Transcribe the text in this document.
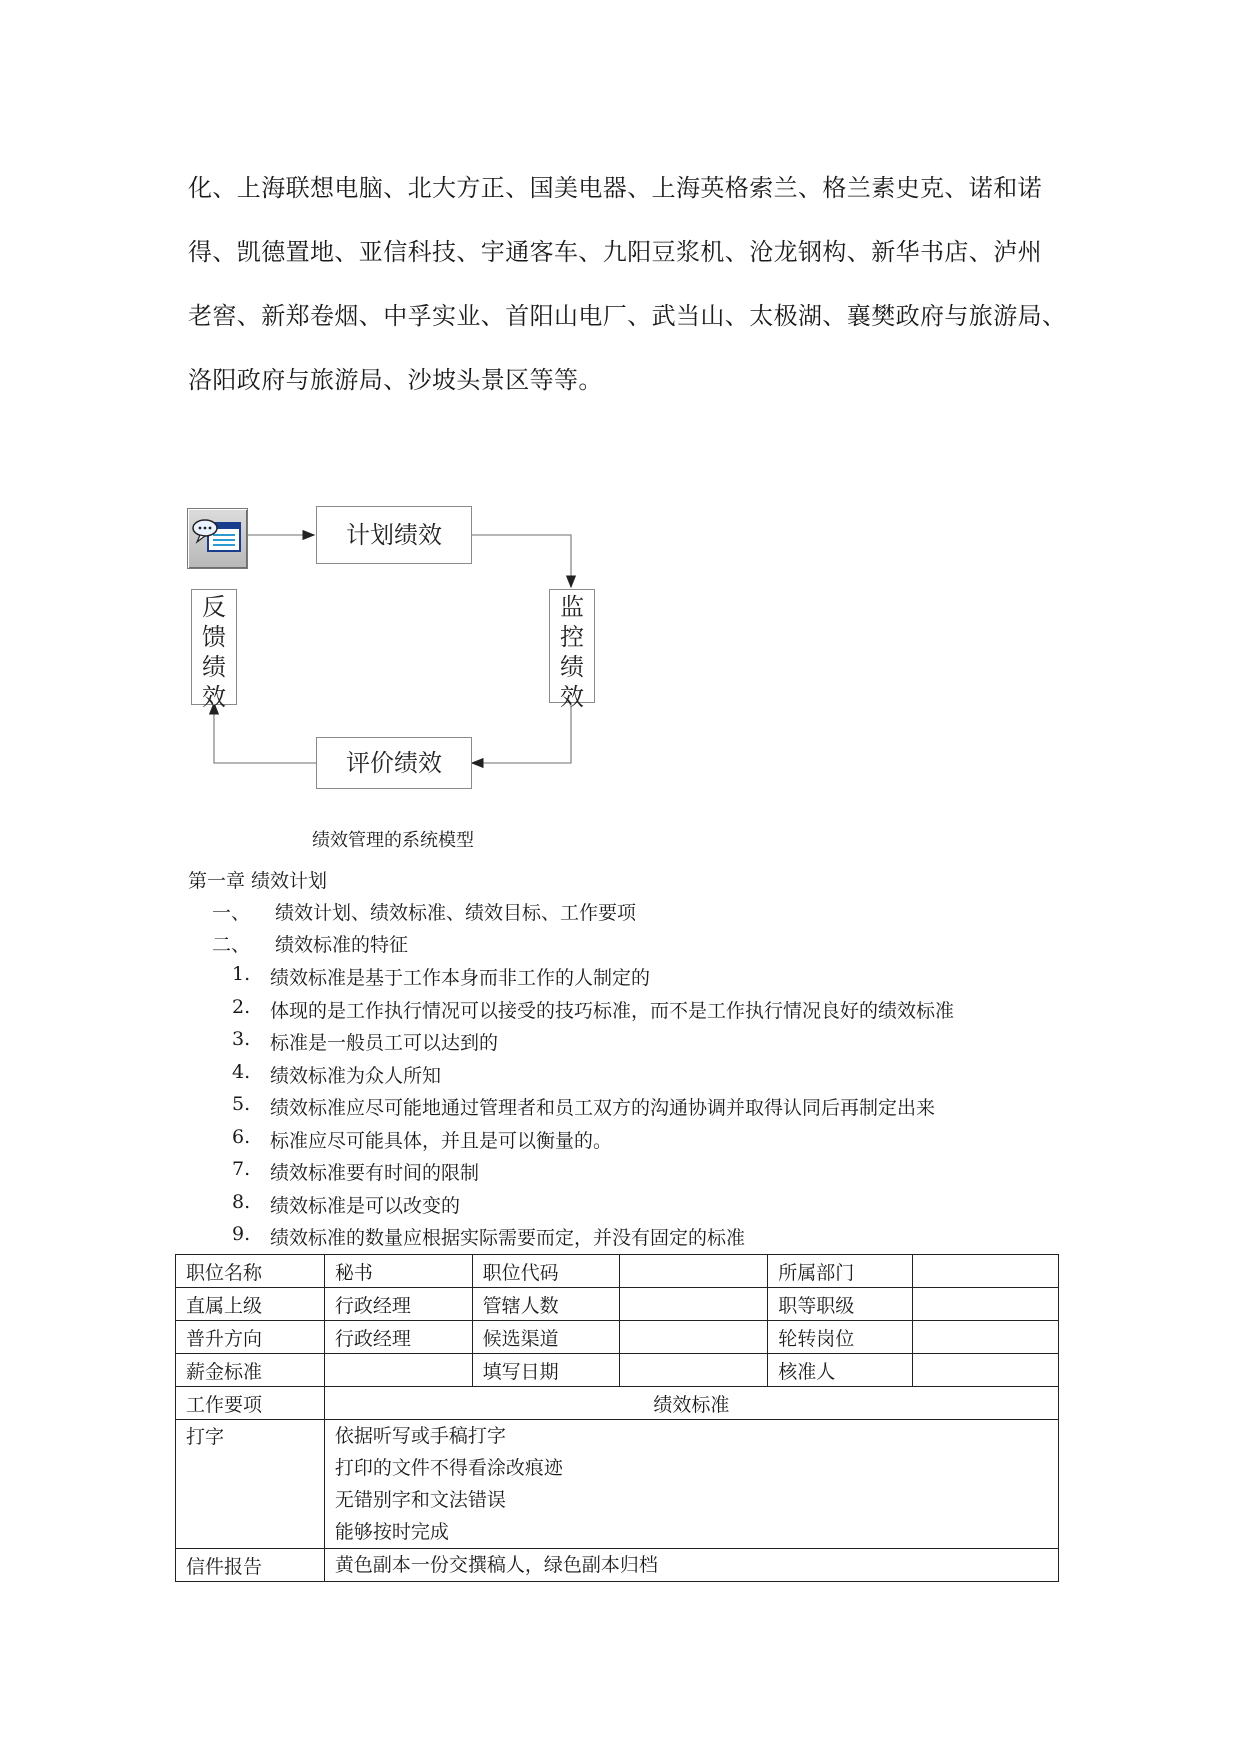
化、上海联想电脑、北大方正、国美电器、上海英格索兰、格兰素史克、诺和诺
得、凯德置地、亚信科技、宇通客车、九阳豆浆机、沧龙钢构、新华书店、泸州
老窖、新郑卷烟、中孚实业、首阳山电厂、武当山、太极湖、襄樊政府与旅游局、
洛阳政府与旅游局、沙坡头景区等等。
计划绩效
监
控
绩
效
评价绩效
反
馈
绩
效
绩效管理的系统模型
第一章 绩效计划
一、 绩效计划、绩效标准、绩效目标、工作要项
二、 绩效标准的特征
1. 绩效标准是基于工作本身而非工作的人制定的
2. 体现的是工作执行情况可以接受的技巧标准，而不是工作执行情况良好的绩效标准
3. 标准是一般员工可以达到的
4. 绩效标准为众人所知
5. 绩效标准应尽可能地通过管理者和员工双方的沟通协调并取得认同后再制定出来
6. 标准应尽可能具体，并且是可以衡量的。
7. 绩效标准要有时间的限制
8. 绩效标准是可以改变的
9. 绩效标准的数量应根据实际需要而定，并没有固定的标准
职位名称	秘书	职位代码		所属部门	
直属上级	行政经理	管辖人数		职等职级	
普升方向	行政经理	候选渠道		轮转岗位	
薪金标准		填写日期		核准人	
工作要项	绩效标准				
打字	依据听写或手稿打字
打印的文件不得看涂改痕迹
无错别字和文法错误
能够按时完成				

信件报告	黄色副本一份交撰稿人，绿色副本归档				
